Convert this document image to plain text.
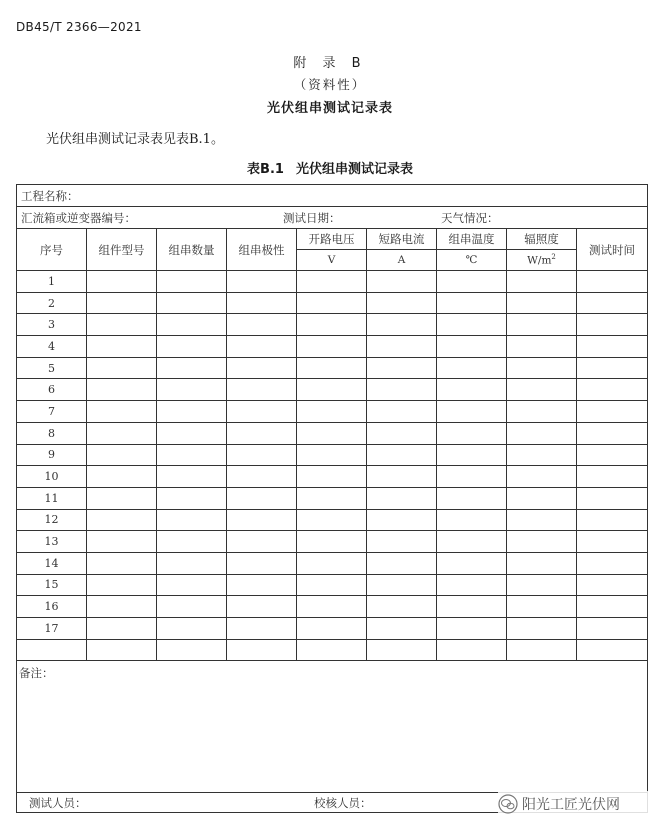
DB45/T 2366—2021
附 录 B
（资料性）
光伏组串测试记录表
光伏组串测试记录表见表B.1。
表B.1 光伏组串测试记录表
工程名称：								

汇流箱或逆变器编号： 测试日期： 天气情况：								

序号	组件型号	组串数量	组串极性	开路电压	短路电流	组串温度	辐照度	测试时间
				V	A	℃	$W/m^2$
1								
2								
3								
4								
5								
6								
7								
8								
9								
10								
11								
12								
13								
14								
15								
16								
17								

备注：								

测试人员： 校核人员：									阳光工匠光伏网
